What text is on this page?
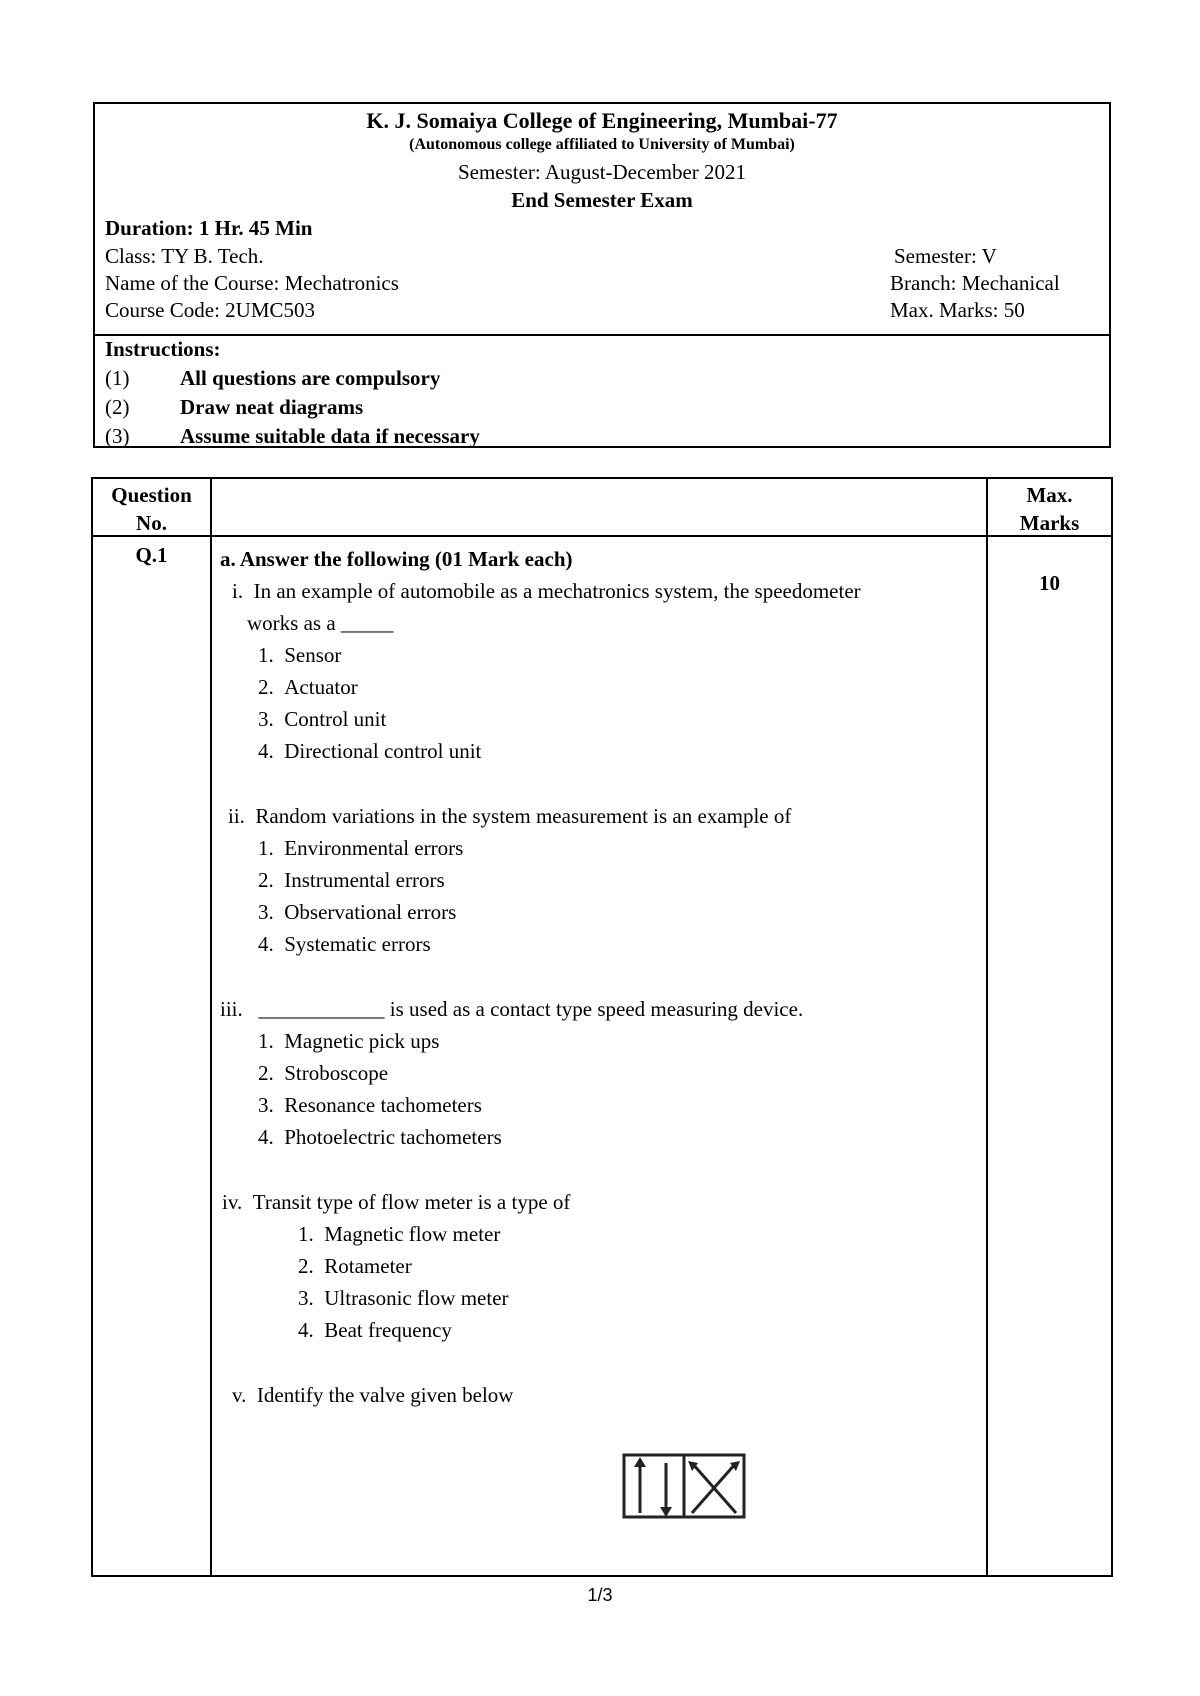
K. J. Somaiya College of Engineering, Mumbai-77
(Autonomous college affiliated to University of Mumbai)
Semester: August-December 2021
End Semester Exam
Duration: 1 Hr. 45 Min
Class: TY B. Tech.
Name of the Course: Mechatronics
Course Code: 2UMC503
Semester: V
Branch: Mechanical
Max. Marks: 50
Instructions:
(1) All questions are compulsory
(2) Draw neat diagrams
(3) Assume suitable data if necessary
Question
No.
Max.
Marks
Q.1
10
a. Answer the following (01 Mark each)
i. In an example of automobile as a mechatronics system, the speedometer
works as a _____
1.  Sensor
2.  Actuator
3.  Control unit
4.  Directional control unit
ii. Random variations in the system measurement is an example of
1.  Environmental errors
2.  Instrumental errors
3.  Observational errors
4.  Systematic errors
iii. ____________ is used as a contact type speed measuring device.
1.  Magnetic pick ups
2.  Stroboscope
3.  Resonance tachometers
4.  Photoelectric tachometers
iv. Transit type of flow meter is a type of
1.  Magnetic flow meter
2.  Rotameter
3.  Ultrasonic flow meter
4.  Beat frequency
v. Identify the valve given below
1/3
